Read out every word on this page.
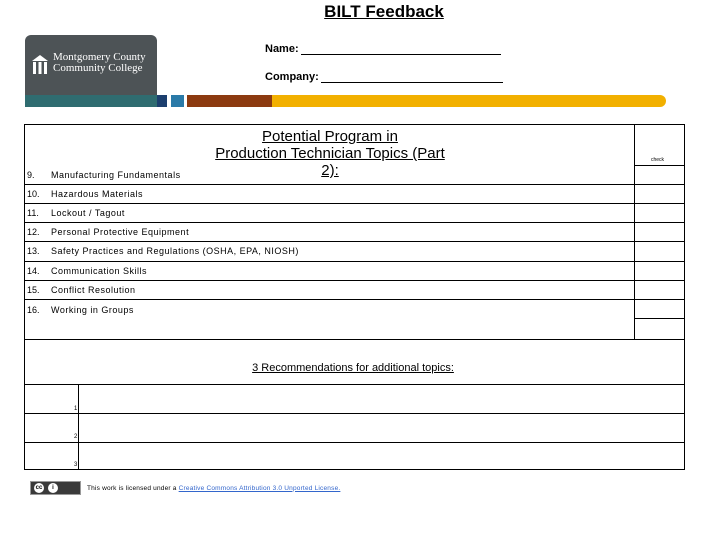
BILT Feedback
Montgomery County
Community College
Name:
Company:
Potential Program in
Production Technician Topics (Part 2):
check
9. Manufacturing Fundamentals
10. Hazardous Materials
11. Lockout / Tagout
12. Personal Protective Equipment
13. Safety Practices and Regulations (OSHA, EPA, NIOSH)
14. Communication Skills
15. Conflict Resolution
16. Working in Groups
3 Recommendations for additional topics:
1
2
3
cc	i	This work is licensed under a Creative Commons Attribution 3.0 Unported License.
